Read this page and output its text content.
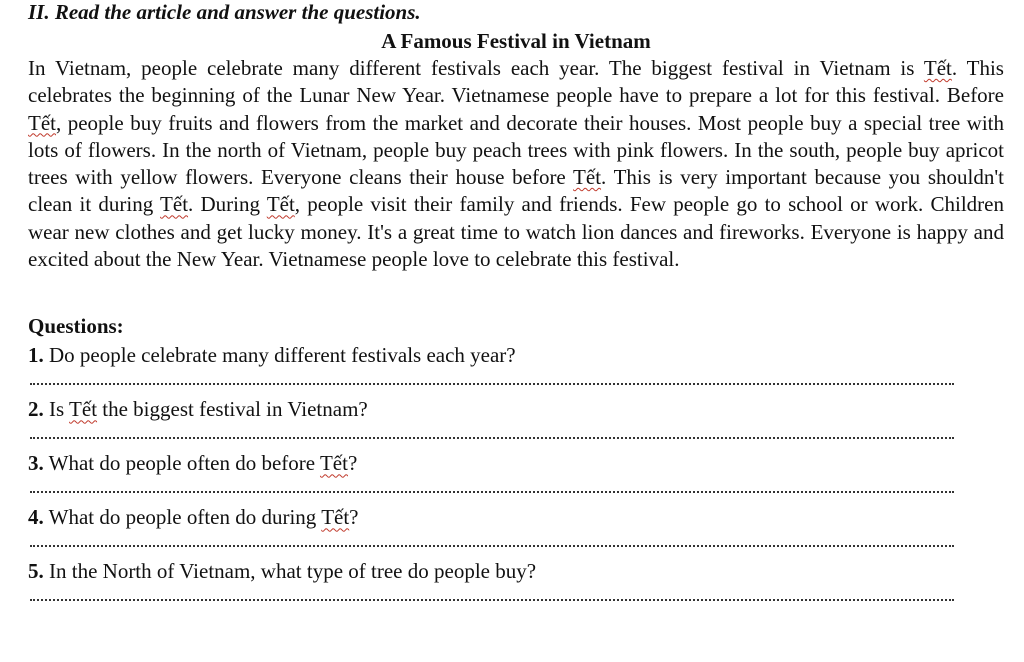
II. Read the article and answer the questions.
A Famous Festival in Vietnam

In Vietnam, people celebrate many different festivals each year. The biggest festival in Vietnam is Tết. This celebrates the beginning of the Lunar New Year. Vietnamese people have to prepare a lot for this festival. Before Tết, people buy fruits and flowers from the market and decorate their houses. Most people buy a special tree with lots of flowers. In the north of Vietnam, people buy peach trees with pink flowers. In the south, people buy apricot trees with yellow flowers. Everyone cleans their house before Tết. This is very important because you shouldn't clean it during Tết. During Tết, people visit their family and friends. Few people go to school or work. Children wear new clothes and get lucky money. It's a great time to watch lion dances and fireworks. Everyone is happy and excited about the New Year. Vietnamese people love to celebrate this festival.

Questions:
1. Do people celebrate many different festivals each year?
2. Is Tết the biggest festival in Vietnam?
3. What do people often do before Tết?
4. What do people often do during Tết?
5. In the North of Vietnam, what type of tree do people buy?
